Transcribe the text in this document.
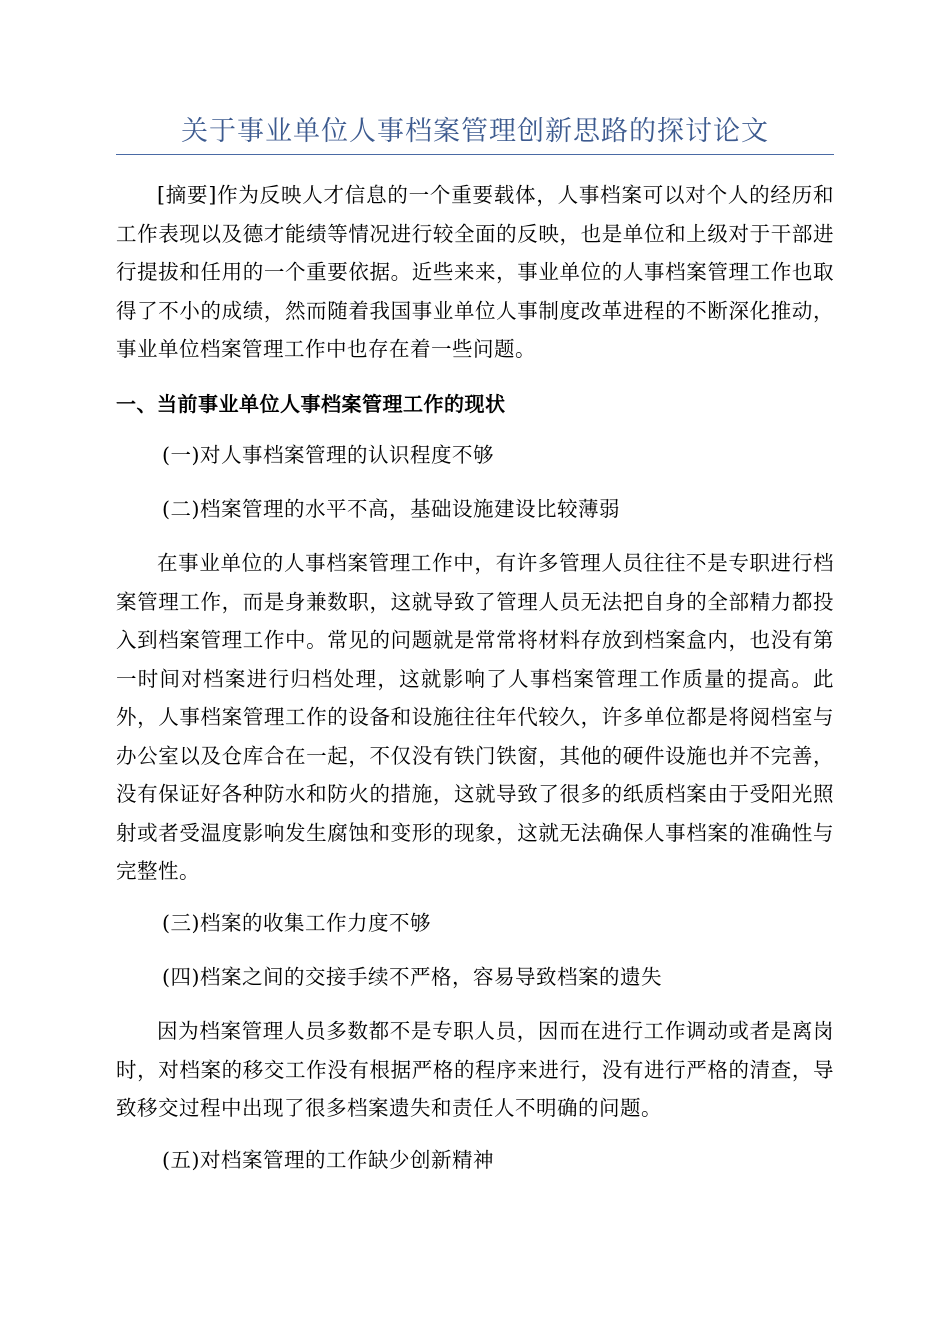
关于事业单位人事档案管理创新思路的探讨论文
[摘要]作为反映人才信息的一个重要载体，人事档案可以对个人的经历和工作表现以及德才能绩等情况进行较全面的反映，也是单位和上级对于干部进行提拔和任用的一个重要依据。近些来来，事业单位的人事档案管理工作也取得了不小的成绩，然而随着我国事业单位人事制度改革进程的不断深化推动，事业单位档案管理工作中也存在着一些问题。
一、当前事业单位人事档案管理工作的现状
(一)对人事档案管理的认识程度不够
(二)档案管理的水平不高，基础设施建设比较薄弱
在事业单位的人事档案管理工作中，有许多管理人员往往不是专职进行档案管理工作，而是身兼数职，这就导致了管理人员无法把自身的全部精力都投入到档案管理工作中。常见的问题就是常常将材料存放到档案盒内，也没有第一时间对档案进行归档处理，这就影响了人事档案管理工作质量的提高。此外，人事档案管理工作的设备和设施往往年代较久，许多单位都是将阅档室与办公室以及仓库合在一起，不仅没有铁门铁窗，其他的硬件设施也并不完善，没有保证好各种防水和防火的措施，这就导致了很多的纸质档案由于受阳光照射或者受温度影响发生腐蚀和变形的现象，这就无法确保人事档案的准确性与完整性。
(三)档案的收集工作力度不够
(四)档案之间的交接手续不严格，容易导致档案的遗失
因为档案管理人员多数都不是专职人员，因而在进行工作调动或者是离岗时，对档案的移交工作没有根据严格的程序来进行，没有进行严格的清查，导致移交过程中出现了很多档案遗失和责任人不明确的问题。
(五)对档案管理的工作缺少创新精神
